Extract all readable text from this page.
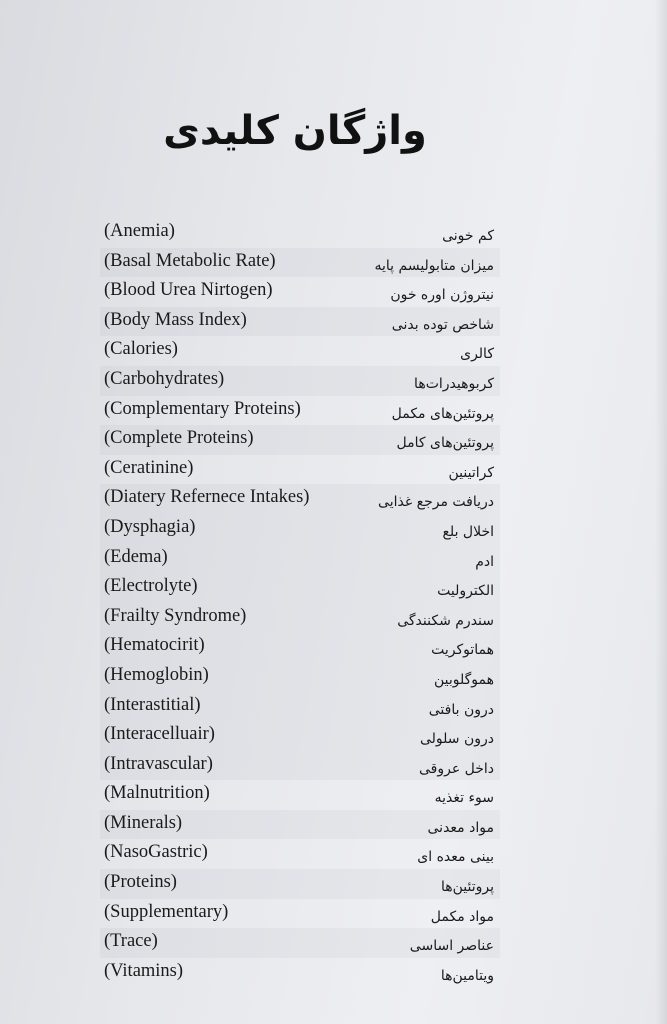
واژگان کلیدی
(Anemia)	کم خونی
(Basal Metabolic Rate)	میزان متابولیسم پایه
(Blood Urea Nirtogen)	نیتروژن اوره خون
(Body Mass Index)	شاخص توده بدنی
(Calories)	کالری
(Carbohydrates)	کربوهیدرات‌ها
(Complementary Proteins)	پروتئین‌های مکمل
(Complete Proteins)	پروتئین‌های کامل
(Ceratinine)	کراتینین
(Diatery Refernece Intakes)	دریافت مرجع غذایی
(Dysphagia)	اخلال بلع
(Edema)	ادم
(Electrolyte)	الکترولیت
(Frailty Syndrome)	سندرم شکنندگی
(Hematocirit)	هماتوکریت
(Hemoglobin)	هموگلوبین
(Interastitial)	درون بافتی
(Interacelluair)	درون سلولی
(Intravascular)	داخل عروقی
(Malnutrition)	سوء تغذیه
(Minerals)	مواد معدنی
(NasoGastric)	بینی معده ای
(Proteins)	پروتئین‌ها
(Supplementary)	مواد مکمل
(Trace)	عناصر اساسی
(Vitamins)	ویتامین‌ها
